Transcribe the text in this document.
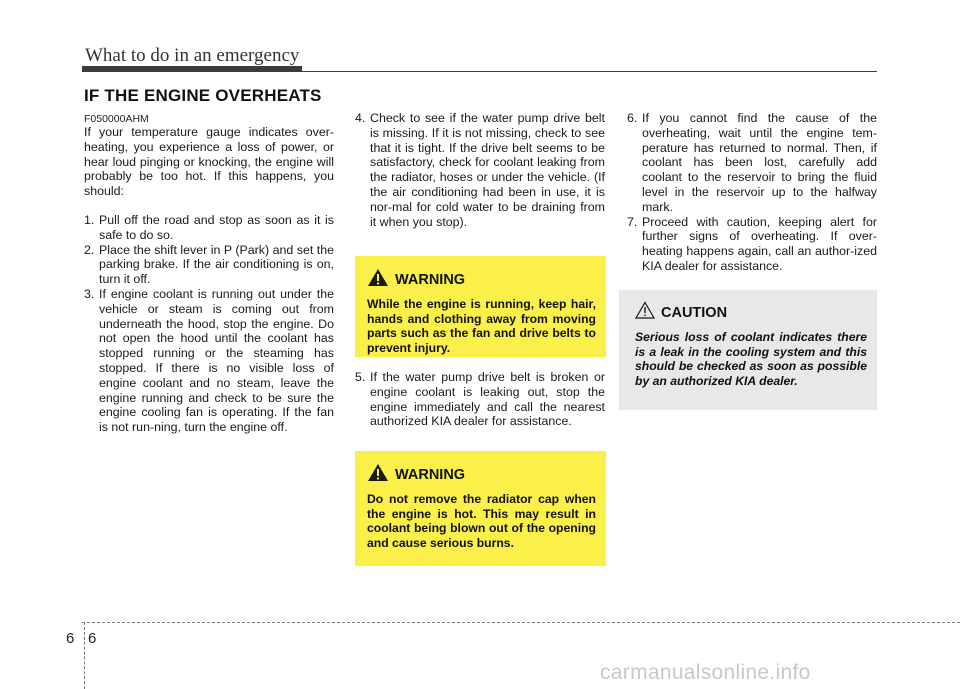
What to do in an emergency
IF THE ENGINE OVERHEATS
F050000AHM

If your temperature gauge indicates over-heating, you experience a loss of power, or hear loud pinging or knocking, the engine will probably be too hot. If this happens, you should:

1. Pull off the road and stop as soon as it is safe to do so.
2. Place the shift lever in P (Park) and set the parking brake. If the air conditioning is on, turn it off.
3. If engine coolant is running out under the vehicle or steam is coming out from underneath the hood, stop the engine. Do not open the hood until the coolant has stopped running or the steaming has stopped. If there is no visible loss of engine coolant and no steam, leave the engine running and check to be sure the engine cooling fan is operating. If the fan is not run-ning, turn the engine off.
4. Check to see if the water pump drive belt is missing. If it is not missing, check to see that it is tight. If the drive belt seems to be satisfactory, check for coolant leaking from the radiator, hoses or under the vehicle. (If the air conditioning had been in use, it is nor-mal for cold water to be draining from it when you stop).
5. If the water pump drive belt is broken or engine coolant is leaking out, stop the engine immediately and call the nearest authorized KIA dealer for assistance.
WARNING
While the engine is running, keep hair, hands and clothing away from moving parts such as the fan and drive belts to prevent injury.
WARNING
Do not remove the radiator cap when the engine is hot. This may result in coolant being blown out of the opening and cause serious burns.
6. If you cannot find the cause of the overheating, wait until the engine tem-perature has returned to normal. Then, if coolant has been lost, carefully add coolant to the reservoir to bring the fluid level in the reservoir up to the halfway mark.
7. Proceed with caution, keeping alert for further signs of overheating. If over-heating happens again, call an author-ized KIA dealer for assistance.
CAUTION
Serious loss of coolant indicates there is a leak in the cooling system and this should be checked as soon as possible by an authorized KIA dealer.
6 6
carmanualsonline.info
